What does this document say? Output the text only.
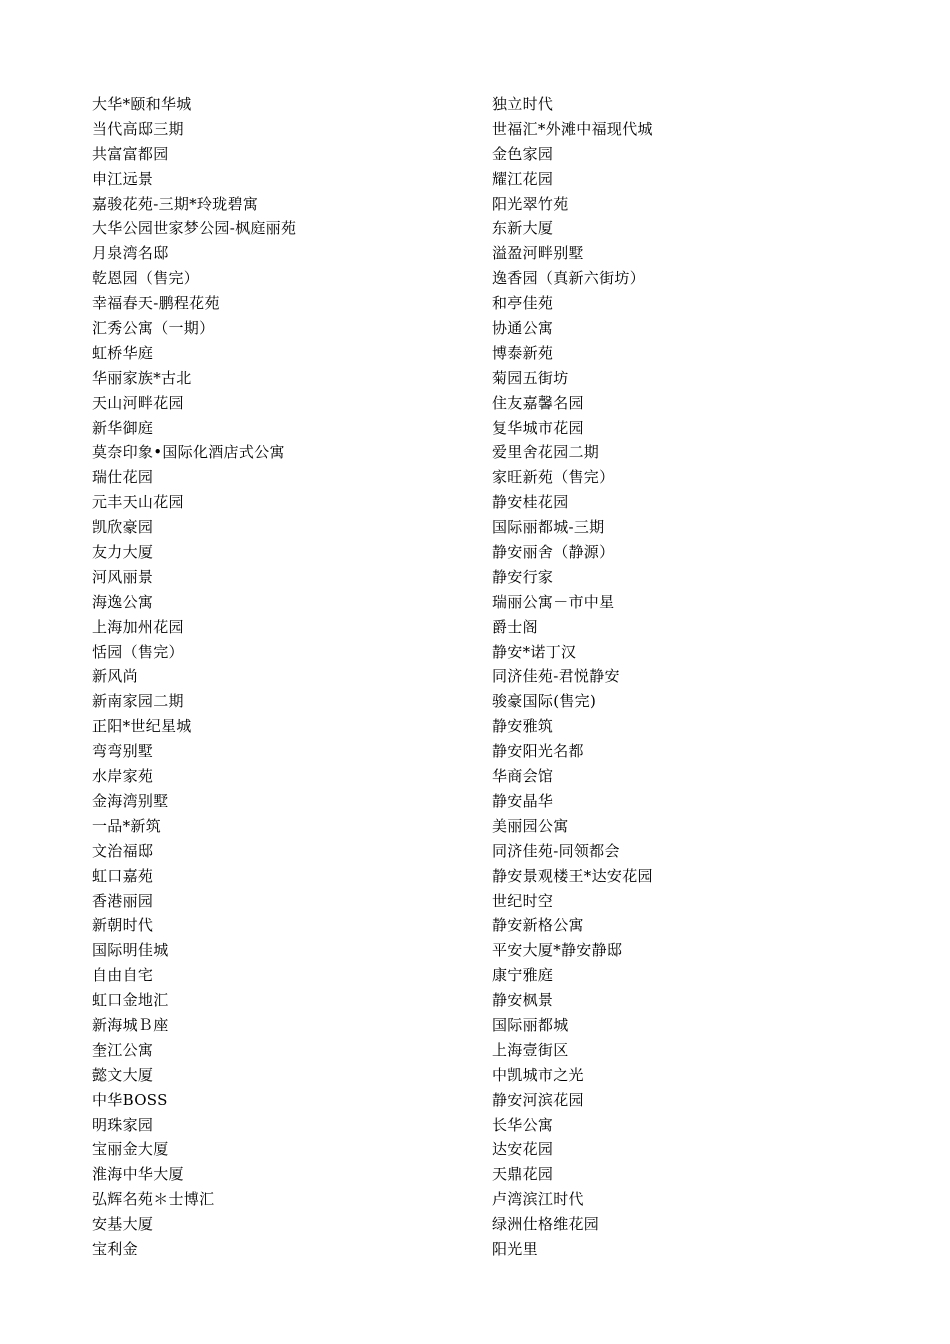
大华*颐和华城
当代高邸三期
共富富都园
申江远景
嘉骏花苑-三期*玲珑碧寓
大华公园世家梦公园-枫庭丽苑
月泉湾名邸
乾恩园（售完）
幸福春天-鹏程花苑
汇秀公寓（一期）
虹桥华庭
华丽家族*古北
天山河畔花园
新华御庭
莫奈印象•国际化酒店式公寓
瑞仕花园
元丰天山花园
凯欣豪园
友力大厦
河风丽景
海逸公寓
上海加州花园
恬园（售完）
新风尚
新南家园二期
正阳*世纪星城
弯弯别墅
水岸家苑
金海湾别墅
一品*新筑
文治福邸
虹口嘉苑
香港丽园
新朝时代
国际明佳城
自由自宅
虹口金地汇
新海城Ｂ座
奎江公寓
懿文大厦
中华BOSS
明珠家园
宝丽金大厦
淮海中华大厦
弘辉名苑＊士博汇
安基大厦
宝利金
独立时代
世福汇*外滩中福现代城
金色家园
耀江花园
阳光翠竹苑
东新大厦
溢盈河畔别墅
逸香园（真新六街坊）
和亭佳苑
协通公寓
博泰新苑
菊园五街坊
住友嘉馨名园
复华城市花园
爱里舍花园二期
家旺新苑（售完）
静安桂花园
国际丽都城-三期
静安丽舍（静源）
静安行家
瑞丽公寓－市中星
爵士阁
静安*诺丁汉
同济佳苑-君悦静安
骏豪国际(售完)
静安雅筑
静安阳光名都
华商会馆
静安晶华
美丽园公寓
同济佳苑-同领都会
静安景观楼王*达安花园
世纪时空
静安新格公寓
平安大厦*静安静邸
康宁雅庭
静安枫景
国际丽都城
上海壹街区
中凯城市之光
静安河滨花园
长华公寓
达安花园
天鼎花园
卢湾滨江时代
绿洲仕格维花园
阳光里
